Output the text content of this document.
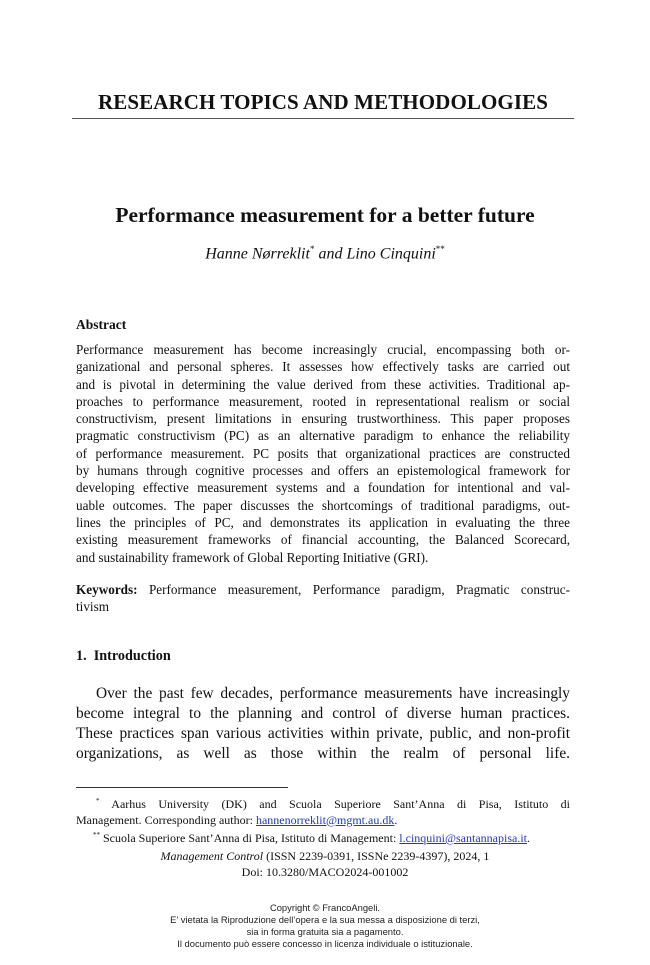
RESEARCH TOPICS AND METHODOLOGIES
Performance measurement for a better future
Hanne Nørreklit* and Lino Cinquini**
Abstract
Performance measurement has become increasingly crucial, encompassing both or-
ganizational and personal spheres. It assesses how effectively tasks are carried out
and is pivotal in determining the value derived from these activities. Traditional ap-
proaches to performance measurement, rooted in representational realism or social
constructivism, present limitations in ensuring trustworthiness. This paper proposes
pragmatic constructivism (PC) as an alternative paradigm to enhance the reliability
of performance measurement. PC posits that organizational practices are constructed
by humans through cognitive processes and offers an epistemological framework for
developing effective measurement systems and a foundation for intentional and val-
uable outcomes. The paper discusses the shortcomings of traditional paradigms, out-
lines the principles of PC, and demonstrates its application in evaluating the three
existing measurement frameworks of financial accounting, the Balanced Scorecard,
and sustainability framework of Global Reporting Initiative (GRI).
Keywords: Performance measurement, Performance paradigm, Pragmatic construc-
tivism
1.  Introduction
Over the past few decades, performance measurements have increasingly
become integral to the planning and control of diverse human practices.
These practices span various activities within private, public, and non-profit
organizations, as well as those within the realm of personal life.
* Aarhus University (DK) and Scuola Superiore Sant’Anna di Pisa, Istituto di
Management. Corresponding author: hannenorreklit@mgmt.au.dk.
** Scuola Superiore Sant’Anna di Pisa, Istituto di Management: l.cinquini@santannapisa.it.
Management Control (ISSN 2239-0391, ISSNe 2239-4397), 2024, 1
Doi: 10.3280/MACO2024-001002
Copyright © FrancoAngeli.
E’ vietata la Riproduzione dell’opera e la sua messa a disposizione di terzi,
sia in forma gratuita sia a pagamento.
Il documento può essere concesso in licenza individuale o istituzionale.
